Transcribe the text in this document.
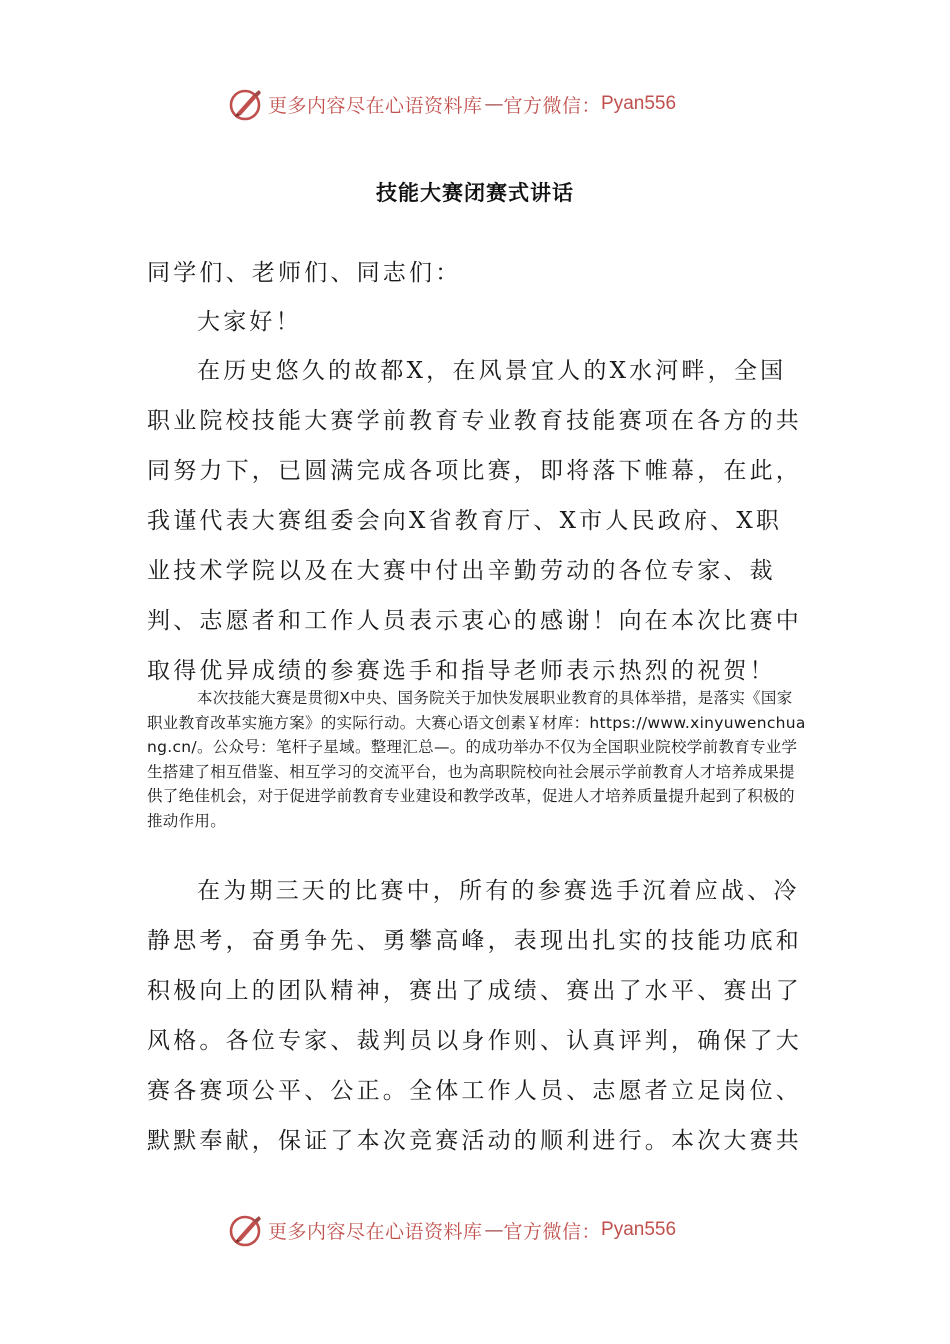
更多内容尽在心语资料库 — 官方微信： Pyan556
技能大赛闭赛式讲话

同学们、老师们、同志们：

大家好！

在历史悠久的故都X，在风景宜人的X水河畔，全国职业院校技能大赛学前教育专业教育技能赛项在各方的共同努力下，已圆满完成各项比赛，即将落下帷幕，在此，我谨代表大赛组委会向X省教育厅、X市人民政府、X职业技术学院以及在大赛中付出辛勤劳动的各位专家、裁判、志愿者和工作人员表示衷心的感谢！向在本次比赛中取得优异成绩的参赛选手和指导老师表示热烈的祝贺！

本次技能大赛是贯彻X中央、国务院关于加快发展职业教育的具体举措，是落实《国家职业教育改革实施方案》的实际行动。大赛心语文创素￥材库：https://www.xinyuwenchuang.cn/。公众号：笔杆子星域。整理汇总—。的成功举办不仅为全国职业院校学前教育专业学生搭建了相互借鉴、相互学习的交流平台，也为高职院校向社会展示学前教育人才培养成果提供了绝佳机会，对于促进学前教育专业建设和教学改革，促进人才培养质量提升起到了积极的推动作用。

在为期三天的比赛中，所有的参赛选手沉着应战、冷静思考，奋勇争先、勇攀高峰，表现出扎实的技能功底和积极向上的团队精神，赛出了成绩、赛出了水平、赛出了风格。各位专家、裁判员以身作则、认真评判，确保了大赛各赛项公平、公正。全体工作人员、志愿者立足岗位、默默奉献，保证了本次竞赛活动的顺利进行。本次大赛共

更多内容尽在心语资料库 — 官方微信： Pyan556
